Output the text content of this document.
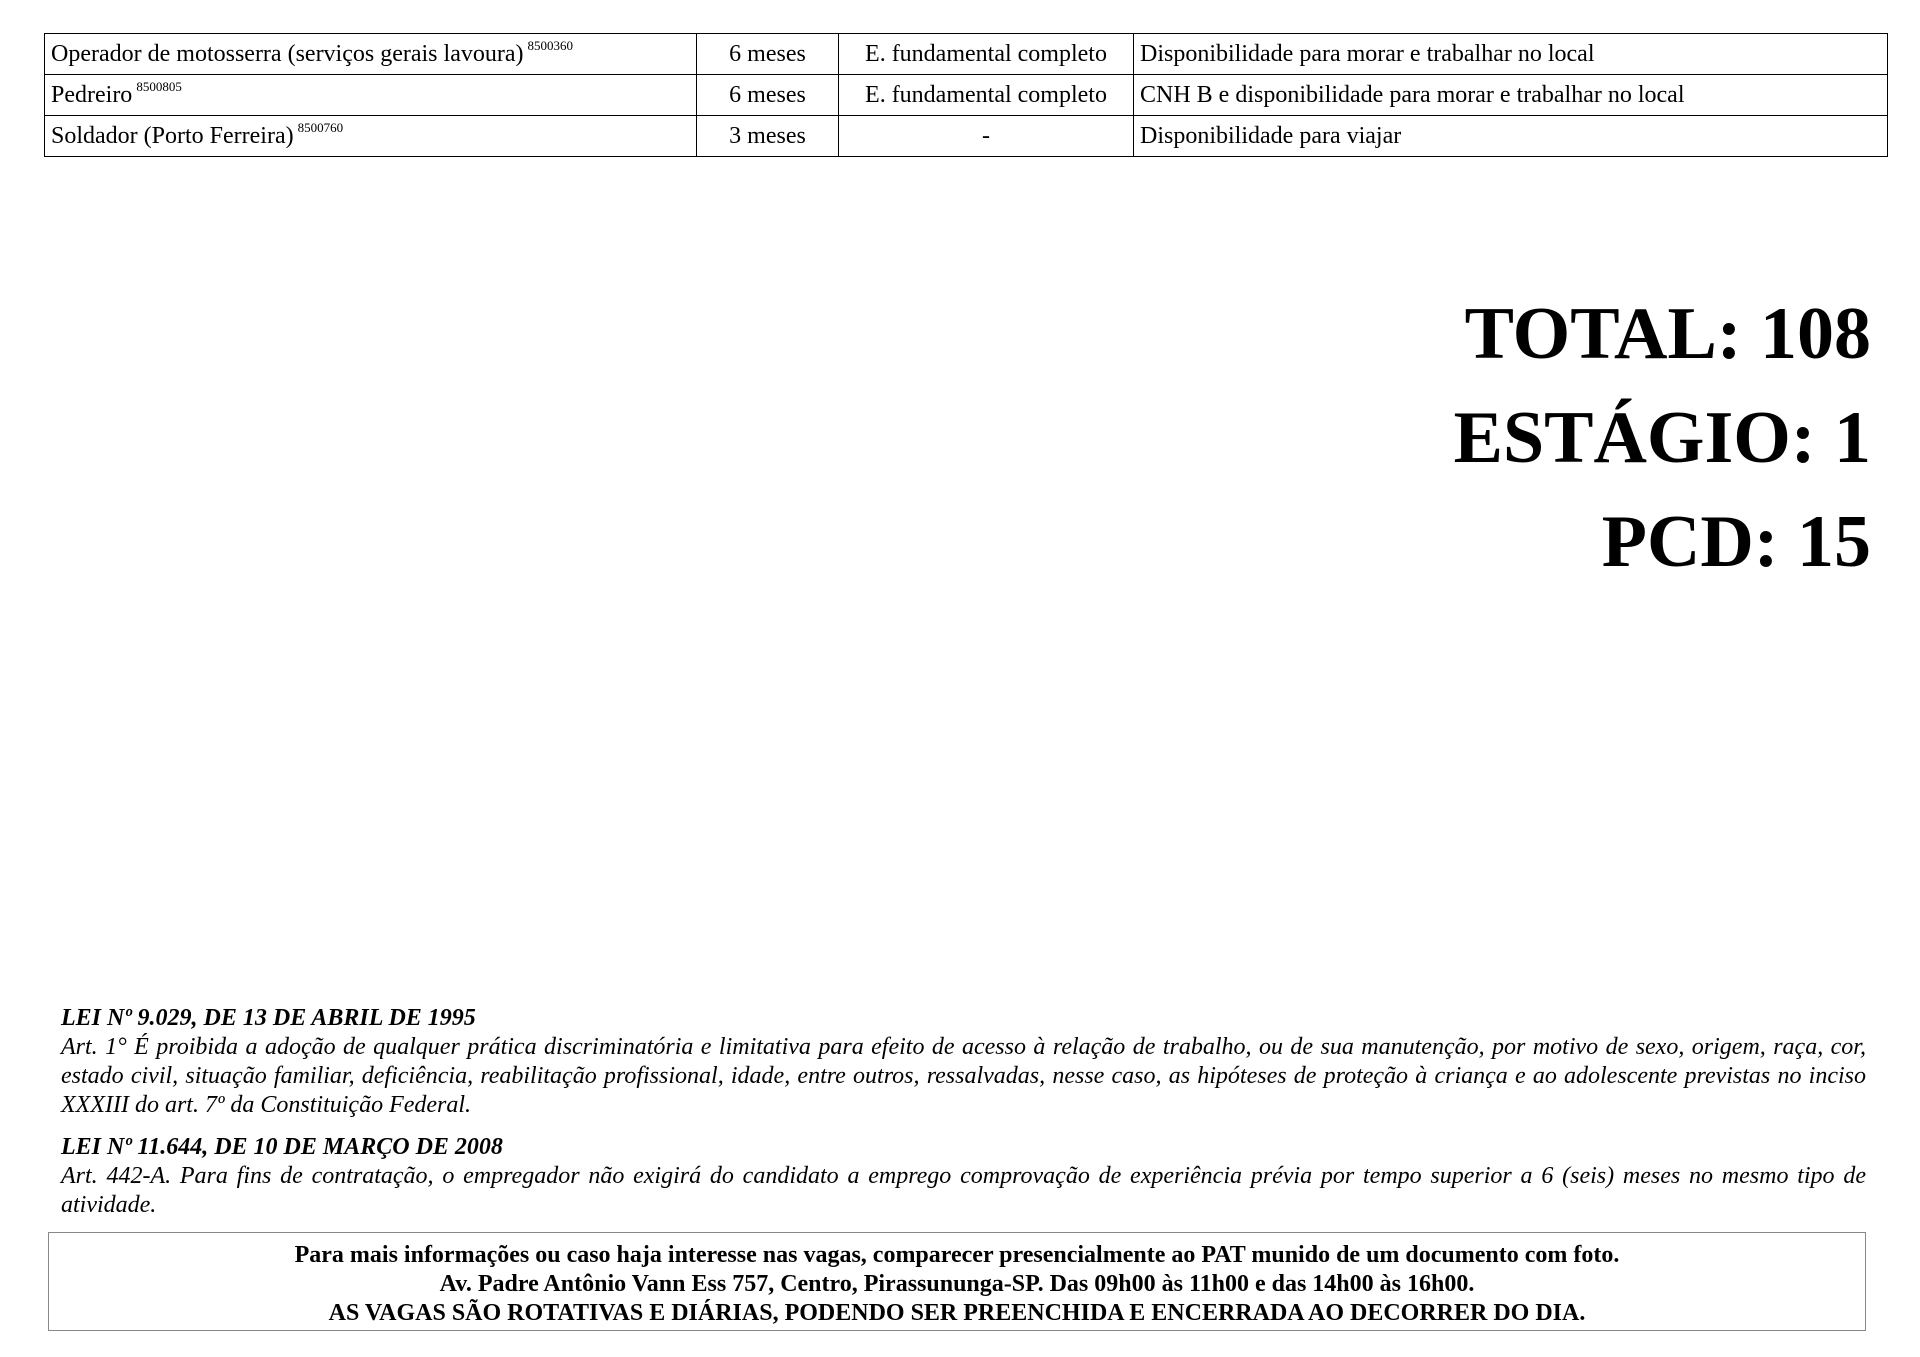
Operador de motosserra (serviços gerais lavoura) $^{8500360}$	6 meses	E. fundamental completo	Disponibilidade para morar e trabalhar no local
Pedreiro $^{8500805}$	6 meses	E. fundamental completo	CNH B e disponibilidade para morar e trabalhar no local
Soldador (Porto Ferreira) $^{8500760}$	3 meses	-	Disponibilidade para viajar
TOTAL: 108
ESTÁGIO: 1
PCD: 15
LEI Nº 9.029, DE 13 DE ABRIL DE 1995
Art. 1° É proibida a adoção de qualquer prática discriminatória e limitativa para efeito de acesso à relação de trabalho, ou de sua manutenção, por motivo de sexo, origem, raça, cor, estado civil, situação familiar, deficiência, reabilitação profissional, idade, entre outros, ressalvadas, nesse caso, as hipóteses de proteção à criança e ao adolescente previstas no inciso XXXIII do art. 7º da Constituição Federal.
LEI Nº 11.644, DE 10 DE MARÇO DE 2008
Art. 442-A. Para fins de contratação, o empregador não exigirá do candidato a emprego comprovação de experiência prévia por tempo superior a 6 (seis) meses no mesmo tipo de atividade.
Para mais informações ou caso haja interesse nas vagas, comparecer presencialmente ao PAT munido de um documento com foto.
Av. Padre Antônio Vann Ess 757, Centro, Pirassununga-SP. Das 09h00 às 11h00 e das 14h00 às 16h00.
AS VAGAS SÃO ROTATIVAS E DIÁRIAS, PODENDO SER PREENCHIDA E ENCERRADA AO DECORRER DO DIA.
